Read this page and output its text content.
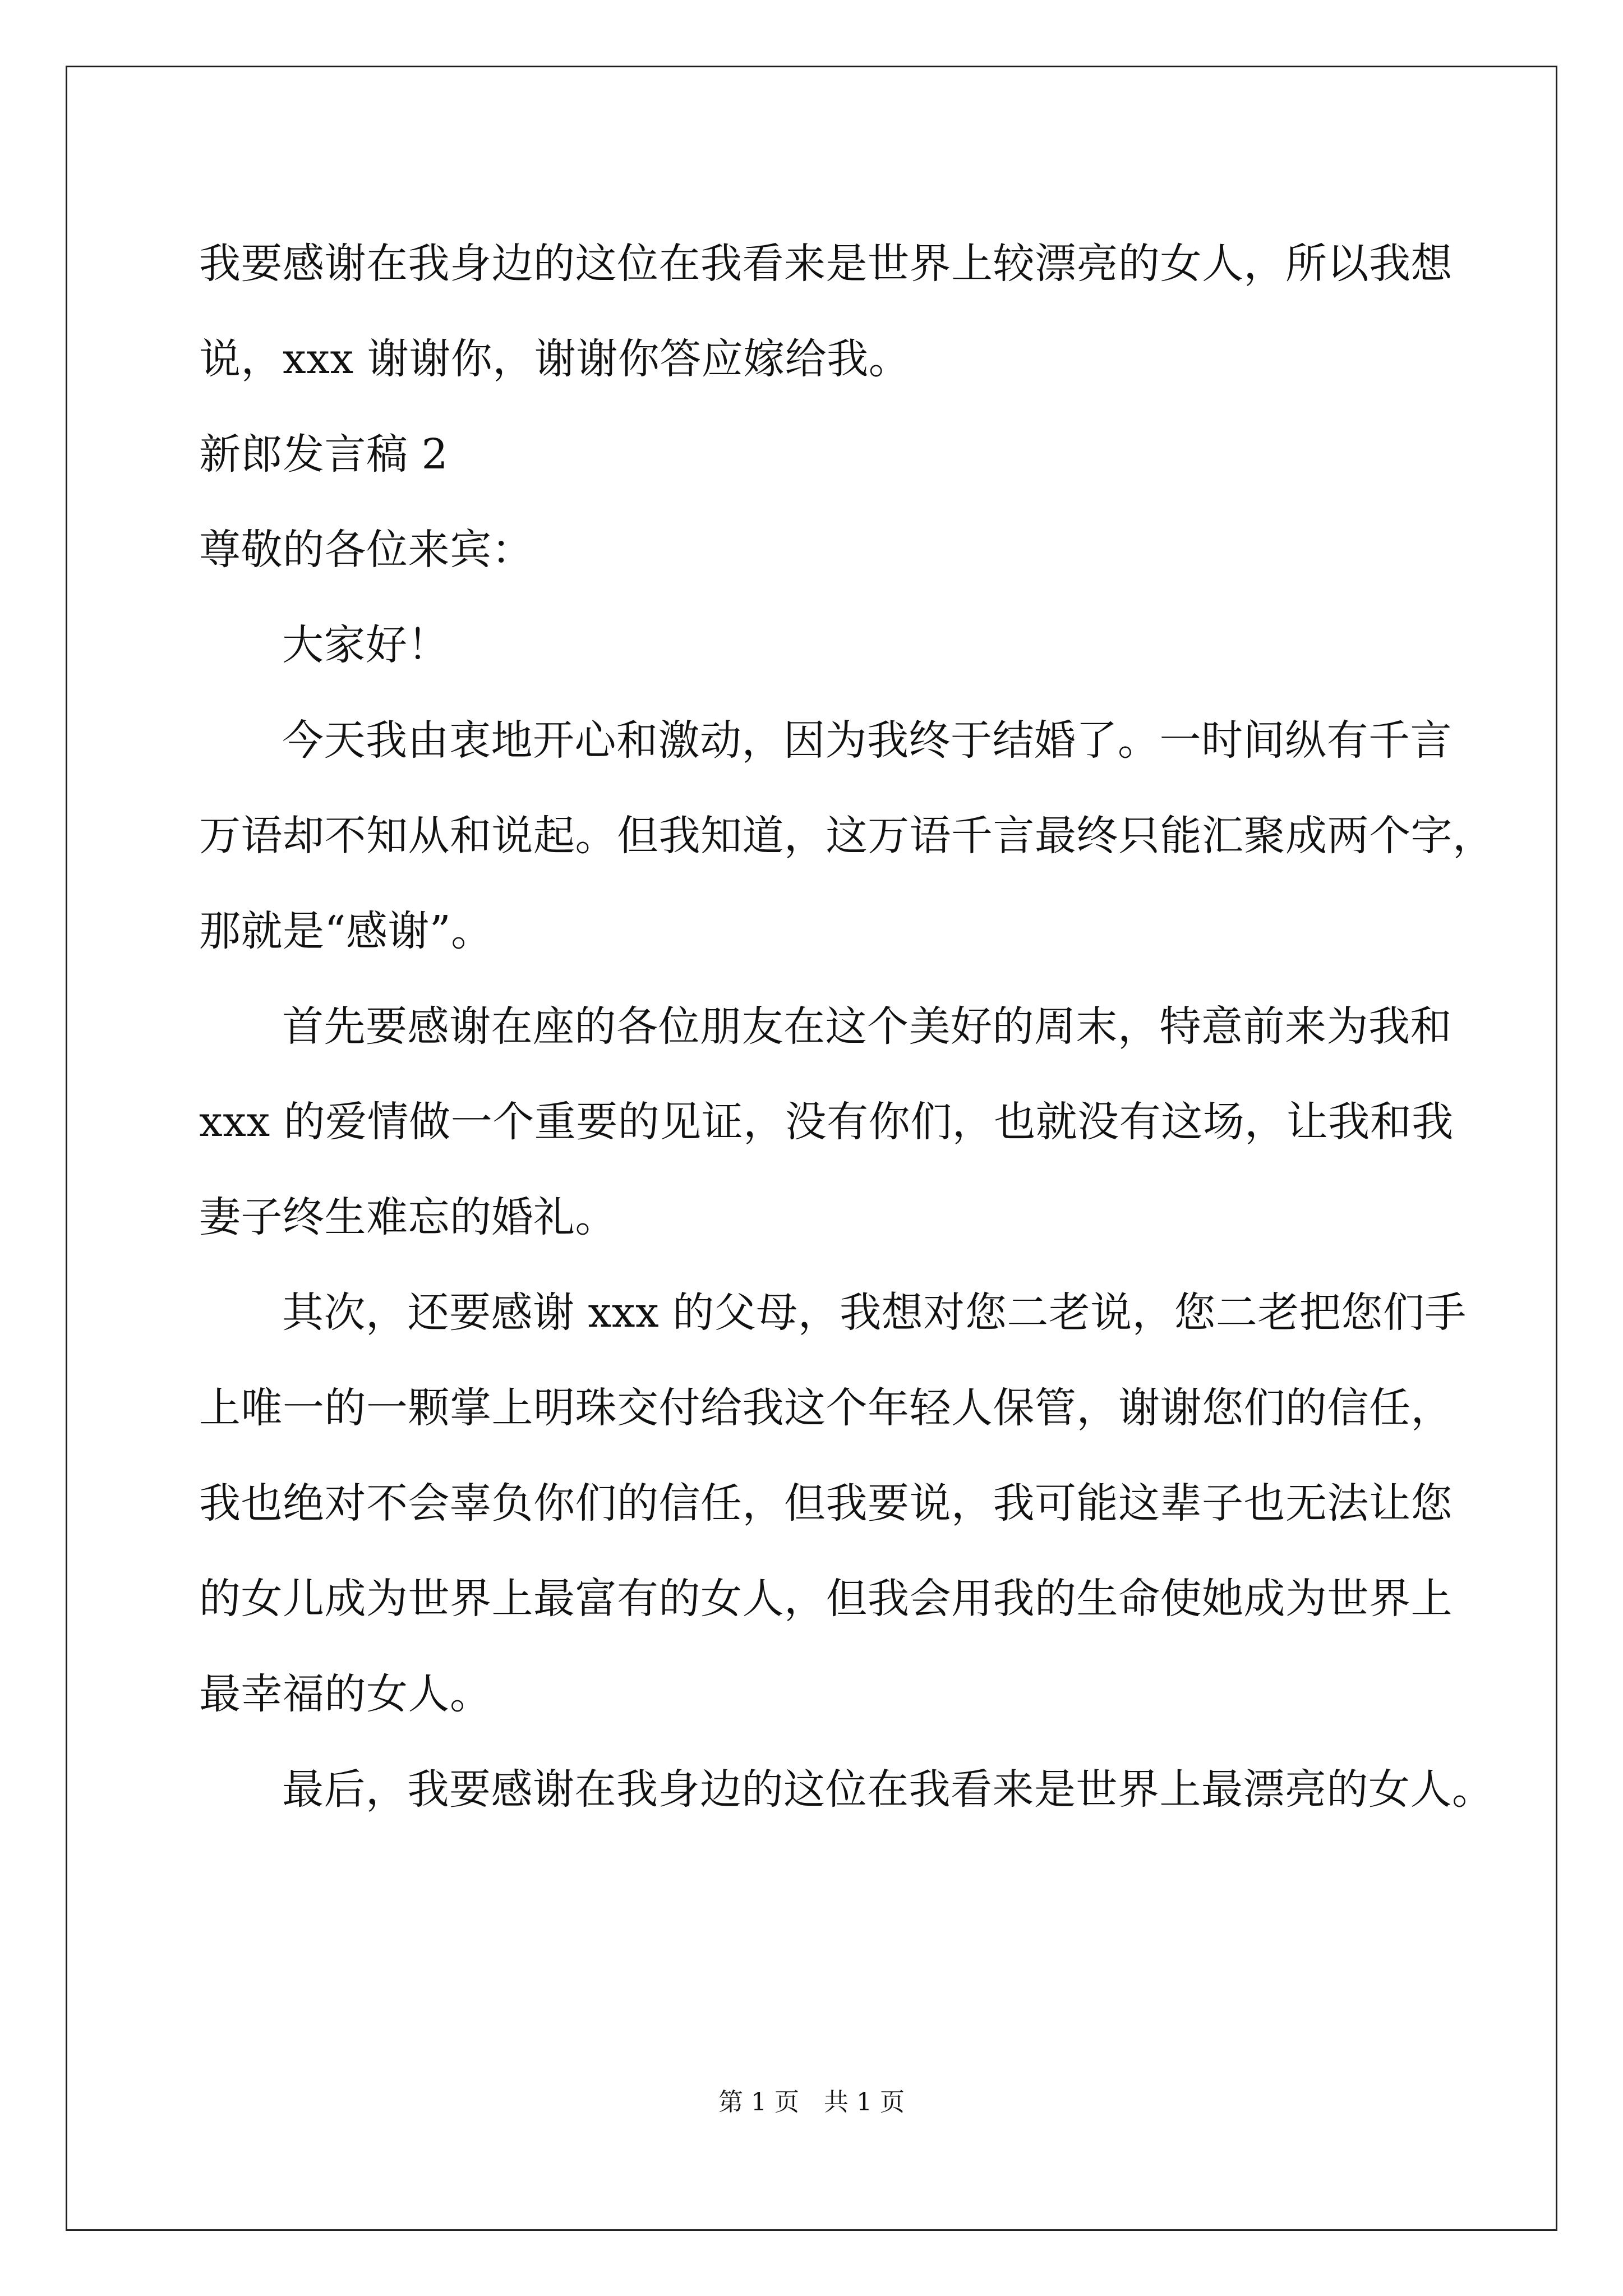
我要感谢在我身边的这位在我看来是世界上较漂亮的女人，所以我想
说，xxx 谢谢你，谢谢你答应嫁给我。
新郎发言稿 2
尊敬的各位来宾：
大家好！
今天我由衷地开心和激动，因为我终于结婚了。一时间纵有千言
万语却不知从和说起。但我知道，这万语千言最终只能汇聚成两个字，
那就是“感谢”。
首先要感谢在座的各位朋友在这个美好的周末，特意前来为我和
xxx 的爱情做一个重要的见证，没有你们，也就没有这场，让我和我
妻子终生难忘的婚礼。
其次，还要感谢 xxx 的父母，我想对您二老说，您二老把您们手
上唯一的一颗掌上明珠交付给我这个年轻人保管，谢谢您们的信任，
我也绝对不会辜负你们的信任，但我要说，我可能这辈子也无法让您
的女儿成为世界上最富有的女人，但我会用我的生命使她成为世界上
最幸福的女人。
最后，我要感谢在我身边的这位在我看来是世界上最漂亮的女人。
第 1 页　共 1 页
